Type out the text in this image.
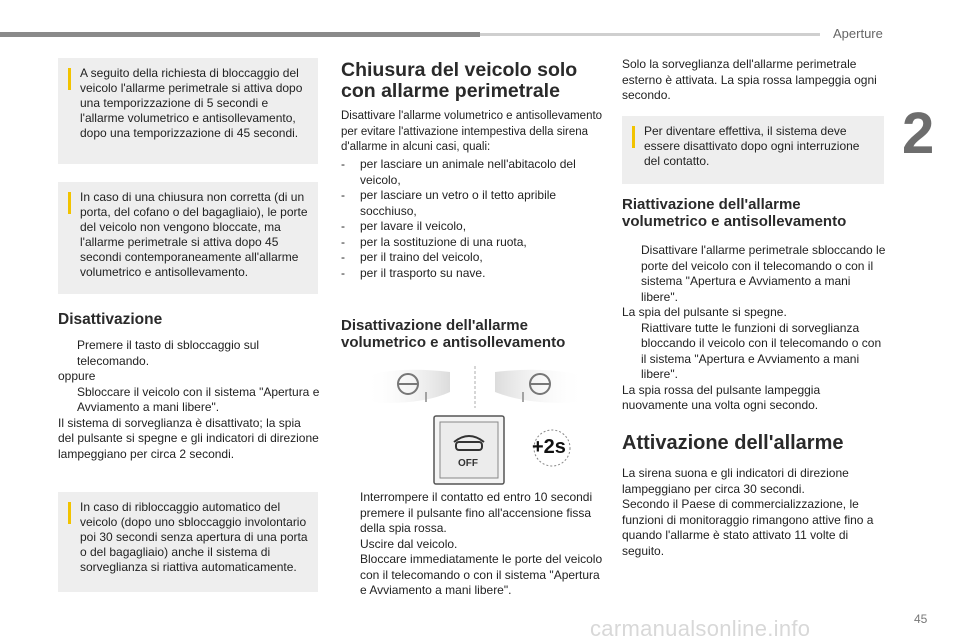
Aperture
2
45
carmanualsonline.info
A seguito della richiesta di bloccaggio del veicolo l'allarme perimetrale si attiva dopo una temporizzazione di 5 secondi e l'allarme volumetrico e antisollevamento, dopo una temporizzazione di 45 secondi.
In caso di una chiusura non corretta (di un porta, del cofano o del bagagliaio), le porte del veicolo non vengono bloccate, ma l'allarme perimetrale si attiva dopo 45 secondi contemporaneamente all'allarme volumetrico e antisollevamento.
Disattivazione
Premere il tasto di sbloccaggio sul telecomando.
oppure
Sbloccare il veicolo con il sistema "Apertura e Avviamento a mani libere".
Il sistema di sorveglianza è disattivato; la spia del pulsante si spegne e gli indicatori di direzione lampeggiano per circa 2 secondi.
In caso di ribloccaggio automatico del veicolo (dopo uno sbloccaggio involontario poi 30 secondi senza apertura di una porta o del bagagliaio) anche il sistema di sorveglianza si riattiva automaticamente.
Chiusura del veicolo solo con allarme perimetrale
Disattivare l'allarme volumetrico e antisollevamento per evitare l'attivazione intempestiva della sirena d'allarme in alcuni casi, quali:
- per lasciare un animale nell'abitacolo del veicolo,
- per lasciare un vetro o il tetto apribile socchiuso,
- per lavare il veicolo,
- per la sostituzione di una ruota,
- per il traino del veicolo,
- per il trasporto su nave.
Disattivazione dell'allarme volumetrico e antisollevamento
OFF
+2s
Interrompere il contatto ed entro 10 secondi premere il pulsante fino all'accensione fissa della spia rossa.
Uscire dal veicolo.
Bloccare immediatamente le porte del veicolo con il telecomando o con il sistema "Apertura e Avviamento a mani libere".
Solo la sorveglianza dell'allarme perimetrale esterno è attivata. La spia rossa lampeggia ogni secondo.
Per diventare effettiva, il sistema deve essere disattivato dopo ogni interruzione del contatto.
Riattivazione dell'allarme volumetrico e antisollevamento
Disattivare l'allarme perimetrale sbloccando le porte del veicolo con il telecomando o con il sistema "Apertura e Avviamento a mani libere".
La spia del pulsante si spegne.
Riattivare tutte le funzioni di sorveglianza bloccando il veicolo con il telecomando o con il sistema "Apertura e Avviamento a mani libere".
La spia rossa del pulsante lampeggia nuovamente una volta ogni secondo.
Attivazione dell'allarme
La sirena suona e gli indicatori di direzione lampeggiano per circa 30 secondi.
Secondo il Paese di commercializzazione, le funzioni di monitoraggio rimangono attive fino a quando l'allarme è stato attivato 11 volte di seguito.
